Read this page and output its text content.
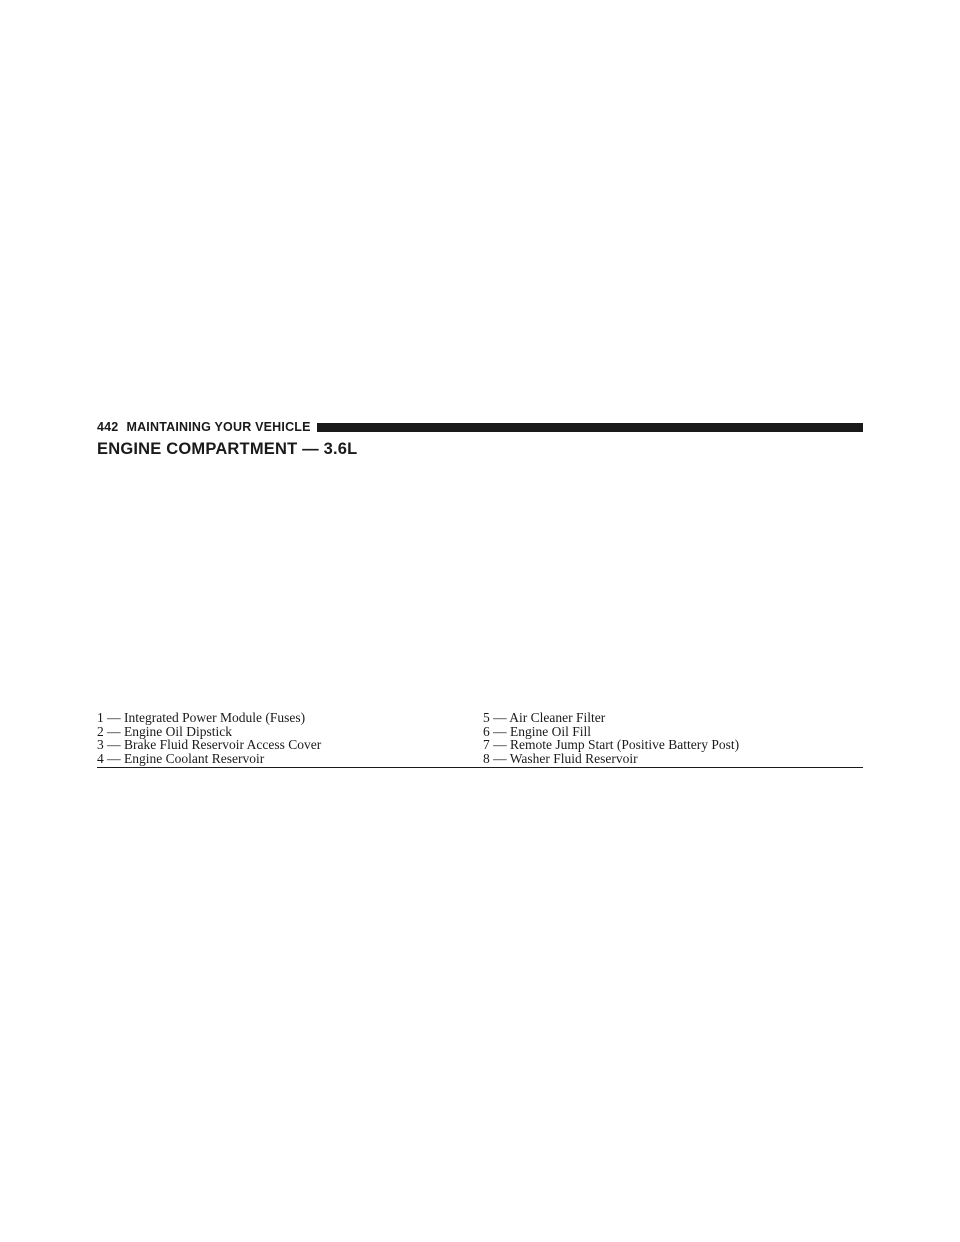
442 MAINTAINING YOUR VEHICLE
ENGINE COMPARTMENT — 3.6L
1 — Integrated Power Module (Fuses)
2 — Engine Oil Dipstick
3 — Brake Fluid Reservoir Access Cover
4 — Engine Coolant Reservoir
5 — Air Cleaner Filter
6 — Engine Oil Fill
7 — Remote Jump Start (Positive Battery Post)
8 — Washer Fluid Reservoir
